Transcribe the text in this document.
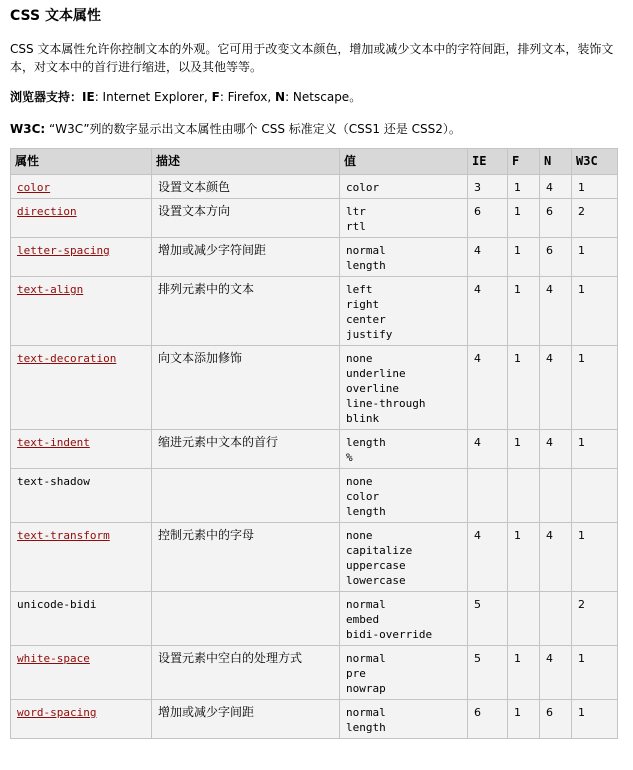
CSS 文本属性

CSS 文本属性允许你控制文本的外观。它可用于改变文本颜色，增加或减少文本中的字符间距，排列文本，装饰文本，对文本中的首行进行缩进，以及其他等等。

浏览器支持：IE: Internet Explorer, F: Firefox, N: Netscape。

W3C: “W3C”列的数字显示出文本属性由哪个 CSS 标准定义（CSS1 还是 CSS2）。

属性	描述	值	IE	F	N	W3C
color	设置文本颜色	color	3	1	4	1
direction	设置文本方向	ltr
rtl	6	1	6	2
letter-spacing	增加或减少字符间距	normal
length	4	1	6	1
text-align	排列元素中的文本	left
right
center
justify	4	1	4	1
text-decoration	向文本添加修饰	none
underline
overline
line-through
blink	4	1	4	1
text-indent	缩进元素中文本的首行	length
%	4	1	4	1
text-shadow		none
color
length				

text-transform	控制元素中的字母	none
capitalize
uppercase
lowercase	4	1	4	1
unicode-bidi		normal
embed
bidi-override	5			2
white-space	设置元素中空白的处理方式	normal
pre
nowrap	5	1	4	1
word-spacing	增加或减少字间距	normal
length	6	1	6	1
